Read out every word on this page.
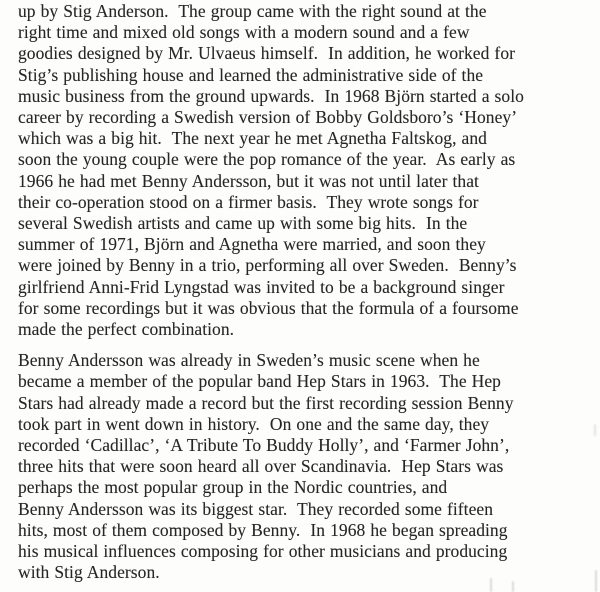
up by Stig Anderson.  The group came with the right sound at the
right time and mixed old songs with a modern sound and a few
goodies designed by Mr. Ulvaeus himself.  In addition, he worked for
Stig’s publishing house and learned the administrative side of the
music business from the ground upwards.  In 1968 Björn started a solo
career by recording a Swedish version of Bobby Goldsboro’s ‘Honey’
which was a big hit.  The next year he met Agnetha Faltskog, and
soon the young couple were the pop romance of the year.  As early as
1966 he had met Benny Andersson, but it was not until later that
their co-operation stood on a firmer basis.  They wrote songs for
several Swedish artists and came up with some big hits.  In the
summer of 1971, Björn and Agnetha were married, and soon they
were joined by Benny in a trio, performing all over Sweden.  Benny’s
girlfriend Anni-Frid Lyngstad was invited to be a background singer
for some recordings but it was obvious that the formula of a foursome
made the perfect combination.
Benny Andersson was already in Sweden’s music scene when he
became a member of the popular band Hep Stars in 1963.  The Hep
Stars had already made a record but the first recording session Benny
took part in went down in history.  On one and the same day, they
recorded ‘Cadillac’, ‘A Tribute To Buddy Holly’, and ‘Farmer John’,
three hits that were soon heard all over Scandinavia.  Hep Stars was
perhaps the most popular group in the Nordic countries, and
Benny Andersson was its biggest star.  They recorded some fifteen
hits, most of them composed by Benny.  In 1968 he began spreading
his musical influences composing for other musicians and producing
with Stig Anderson.
